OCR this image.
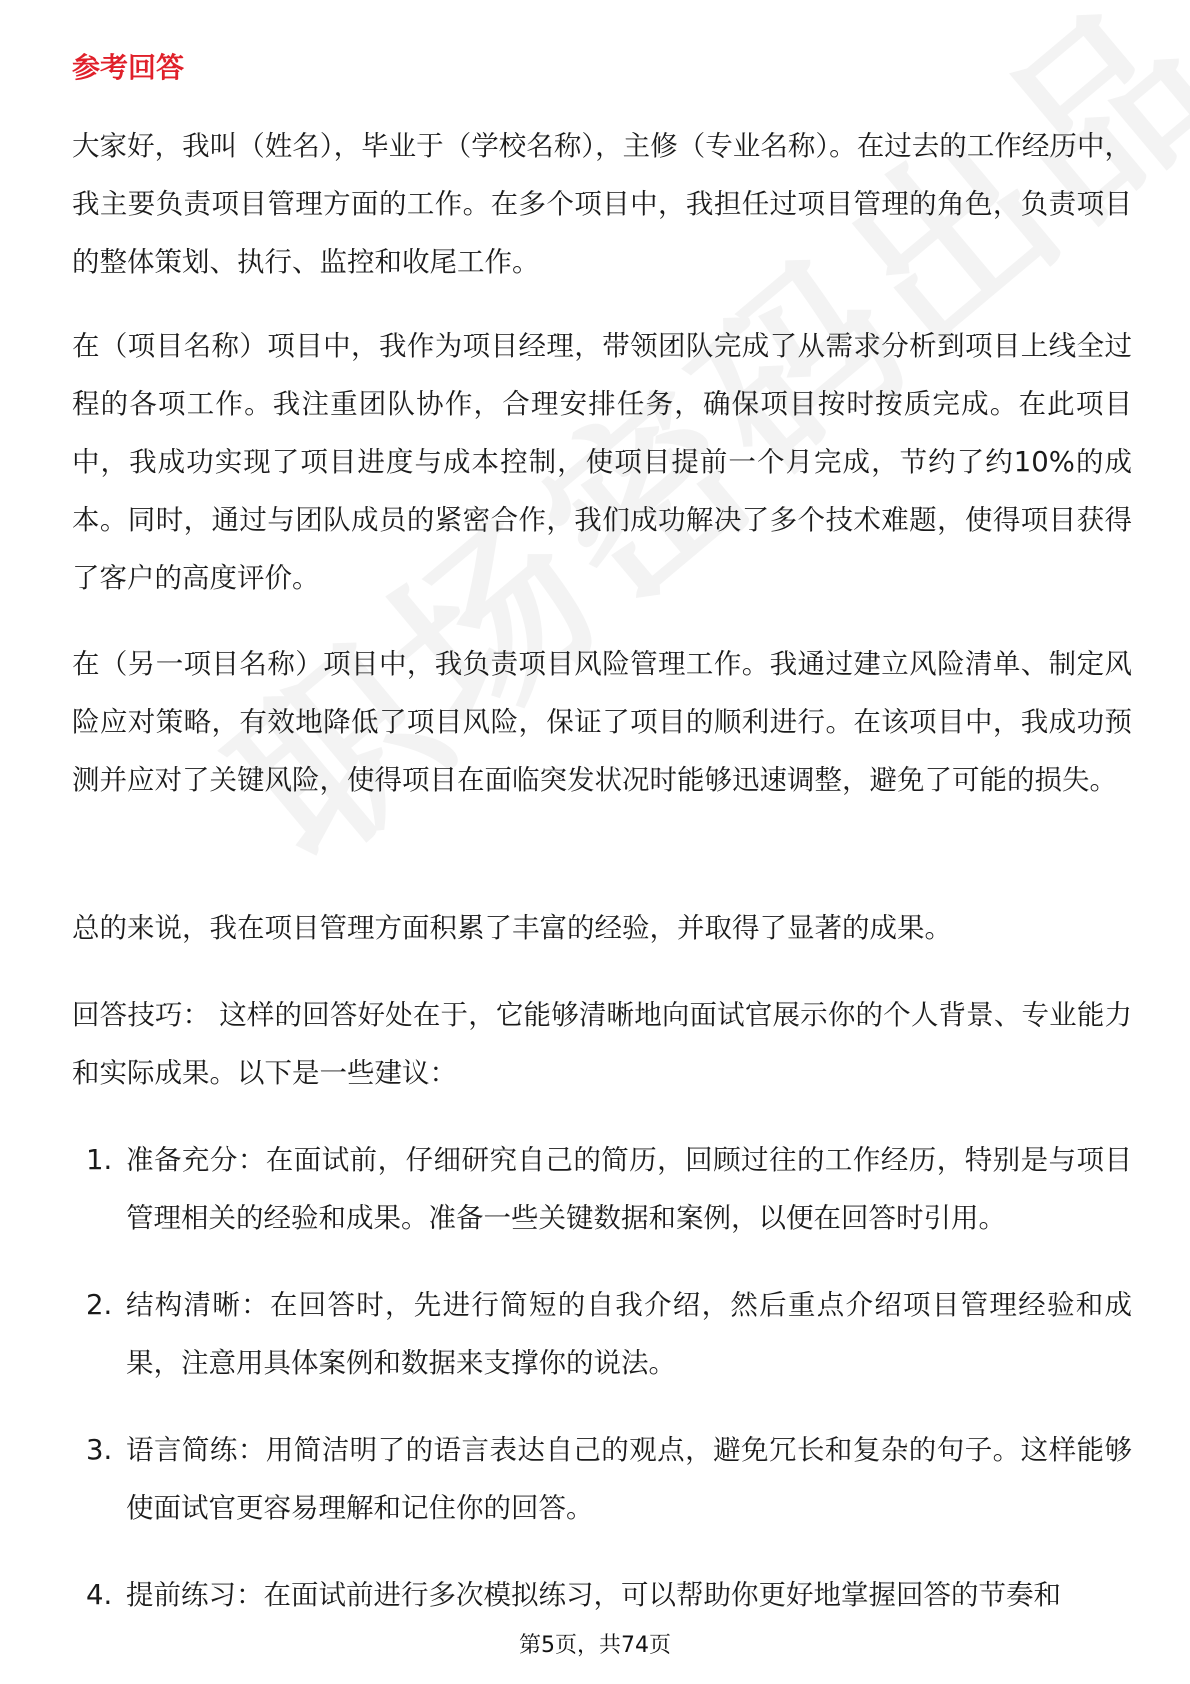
参考回答

大家好，我叫（姓名），毕业于（学校名称），主修（专业名称）。在过去的工作经历中，我主要负责项目管理方面的工作。在多个项目中，我担任过项目管理的角色，负责项目的整体策划、执行、监控和收尾工作。

在（项目名称）项目中，我作为项目经理，带领团队完成了从需求分析到项目上线全过程的各项工作。我注重团队协作，合理安排任务，确保项目按时按质完成。在此项目中，我成功实现了项目进度与成本控制，使项目提前一个月完成，节约了约10%的成本。同时，通过与团队成员的紧密合作，我们成功解决了多个技术难题，使得项目获得了客户的高度评价。

在（另一项目名称）项目中，我负责项目风险管理工作。我通过建立风险清单、制定风险应对策略，有效地降低了项目风险，保证了项目的顺利进行。在该项目中，我成功预测并应对了关键风险，使得项目在面临突发状况时能够迅速调整，避免了可能的损失。

总的来说，我在项目管理方面积累了丰富的经验，并取得了显著的成果。

回答技巧： 这样的回答好处在于，它能够清晰地向面试官展示你的个人背景、专业能力和实际成果。以下是一些建议：

1. 准备充分：在面试前，仔细研究自己的简历，回顾过往的工作经历，特别是与项目管理相关的经验和成果。准备一些关键数据和案例，以便在回答时引用。
2. 结构清晰：在回答时，先进行简短的自我介绍，然后重点介绍项目管理经验和成果，注意用具体案例和数据来支撑你的说法。
3. 语言简练：用简洁明了的语言表达自己的观点，避免冗长和复杂的句子。这样能够使面试官更容易理解和记住你的回答。
4. 提前练习：在面试前进行多次模拟练习，可以帮助你更好地掌握回答的节奏和
第5页，共74页
